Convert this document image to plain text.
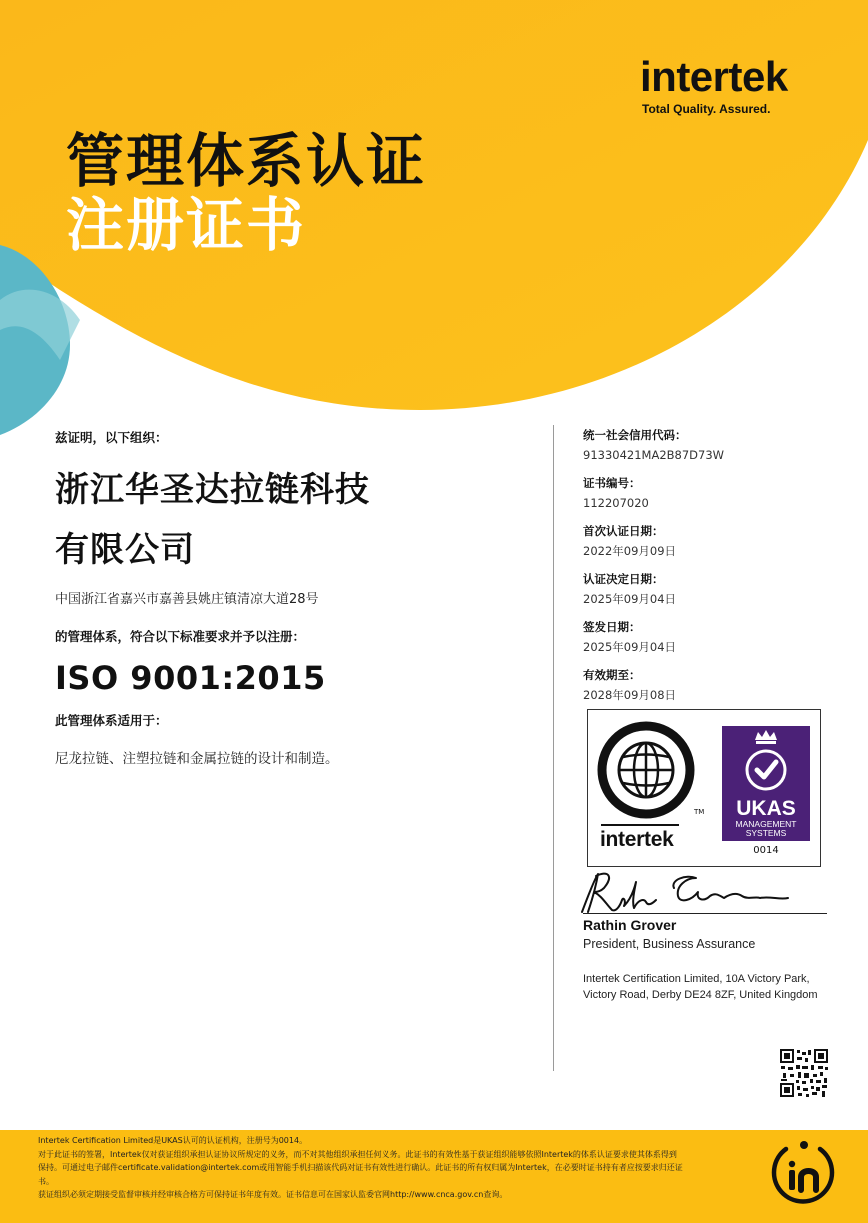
intertek
Total Quality. Assured.
管理体系认证
注册证书
兹证明，以下组织：
浙江华圣达拉链科技
有限公司
中国浙江省嘉兴市嘉善县姚庄镇清凉大道28号
的管理体系，符合以下标准要求并予以注册：
ISO 9001:2015
此管理体系适用于：
尼龙拉链、注塑拉链和金属拉链的设计和制造。
统一社会信用代码：
91330421MA2B87D73W
证书编号：
112207020
首次认证日期：
2022年09月09日
认证决定日期：
2025年09月04日
签发日期：
2025年09月04日
有效期至：
2028年09月08日
ISO 9001:2015
CERTIFICATION
TM
intertek
UKAS
MANAGEMENT
SYSTEMS
0014
Rathin Grover
President, Business Assurance
Intertek Certification Limited, 10A Victory Park, Victory Road, Derby DE24 8ZF, United Kingdom
Intertek Certification Limited是UKAS认可的认证机构，注册号为0014。
对于此证书的签署，Intertek仅对获证组织承担认证协议所规定的义务，而不对其他组织承担任何义务。此证书的有效性基于获证组织能够依照Intertek的体系认证要求使其体系得到
保持。可通过电子邮件certificate.validation@intertek.com或用智能手机扫描该代码对证书有效性进行确认。此证书的所有权归属为Intertek，在必要时证书持有者应按要求归还证
书。
获证组织必须定期接受监督审核并经审核合格方可保持证书年度有效。证书信息可在国家认监委官网http://www.cnca.gov.cn查询。
